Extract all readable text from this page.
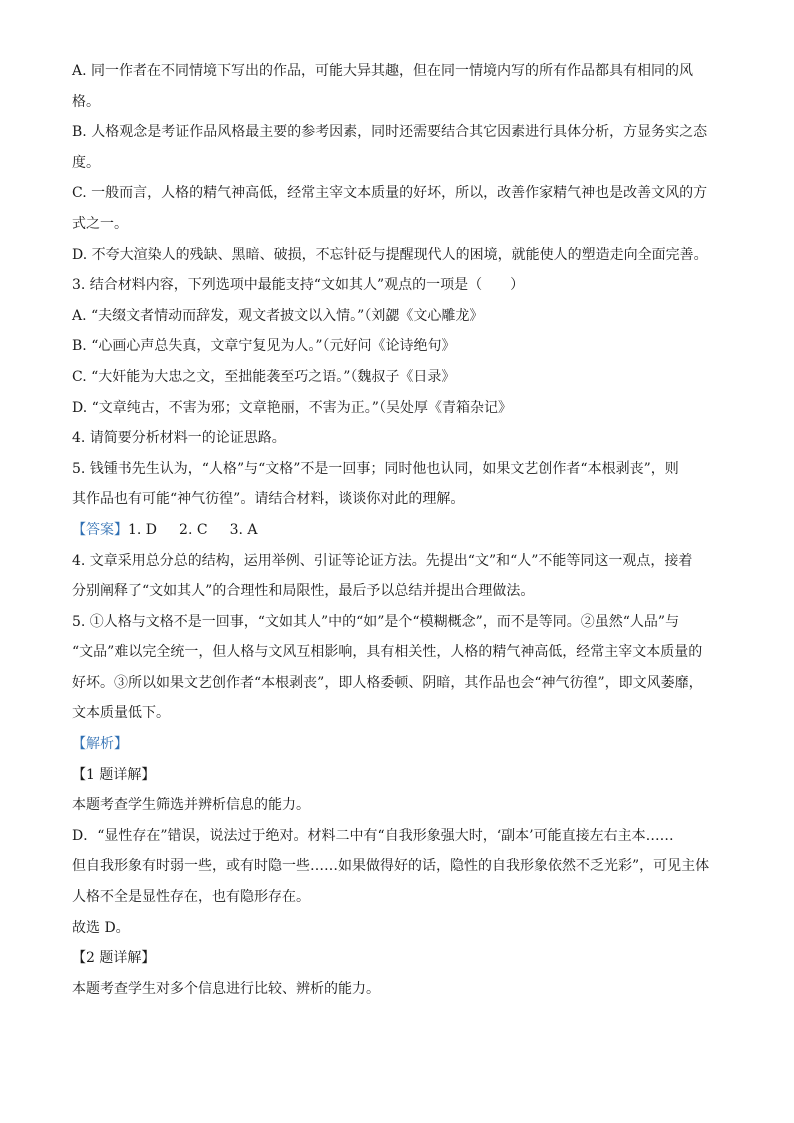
A. 同一作者在不同情境下写出的作品，可能大异其趣，但在同一情境内写的所有作品都具有相同的风

格。

B. 人格观念是考证作品风格最主要的参考因素，同时还需要结合其它因素进行具体分析，方显务实之态

度。

C. 一般而言，人格的精气神高低，经常主宰文本质量的好坏，所以，改善作家精气神也是改善文风的方

式之一。

D. 不夸大渲染人的残缺、黑暗、破损，不忘针砭与提醒现代人的困境，就能使人的塑造走向全面完善。

3. 结合材料内容，下列选项中最能支持“文如其人”观点的一项是（　　）

A. “夫缀文者情动而辞发，观文者披文以入情。”（刘勰《文心雕龙》

B. “心画心声总失真，文章宁复见为人。”（元好问《论诗绝句》

C. “大奸能为大忠之文，至拙能袭至巧之语。”（魏叔子《日录》

D. “文章纯古，不害为邪；文章艳丽，不害为正。”（吴处厚《青箱杂记》

4. 请简要分析材料一的论证思路。

5. 钱锺书先生认为，“人格”与“文格”不是一回事；同时他也认同，如果文艺创作者“本根剥丧”，则

其作品也有可能“神气彷徨”。请结合材料，谈谈你对此的理解。

【答案】1. D 2. C 3. A

4. 文章采用总分总的结构，运用举例、引证等论证方法。先提出“文”和“人”不能等同这一观点，接着

分别阐释了“文如其人”的合理性和局限性，最后予以总结并提出合理做法。

5. ①人格与文格不是一回事，“文如其人”中的“如”是个“模糊概念”，而不是等同。②虽然“人品”与

“文品”难以完全统一，但人格与文风互相影响，具有相关性，人格的精气神高低，经常主宰文本质量的

好坏。③所以如果文艺创作者“本根剥丧”，即人格委顿、阴暗，其作品也会“神气彷徨”，即文风萎靡，

文本质量低下。

【解析】

【1 题详解】

本题考查学生筛选并辨析信息的能力。

D．“显性存在”错误，说法过于绝对。材料二中有“自我形象强大时，‘副本’可能直接左右主本……

但自我形象有时弱一些，或有时隐一些……如果做得好的话，隐性的自我形象依然不乏光彩”，可见主体

人格不全是显性存在，也有隐形存在。

故选 D。

【2 题详解】

本题考查学生对多个信息进行比较、辨析的能力。
